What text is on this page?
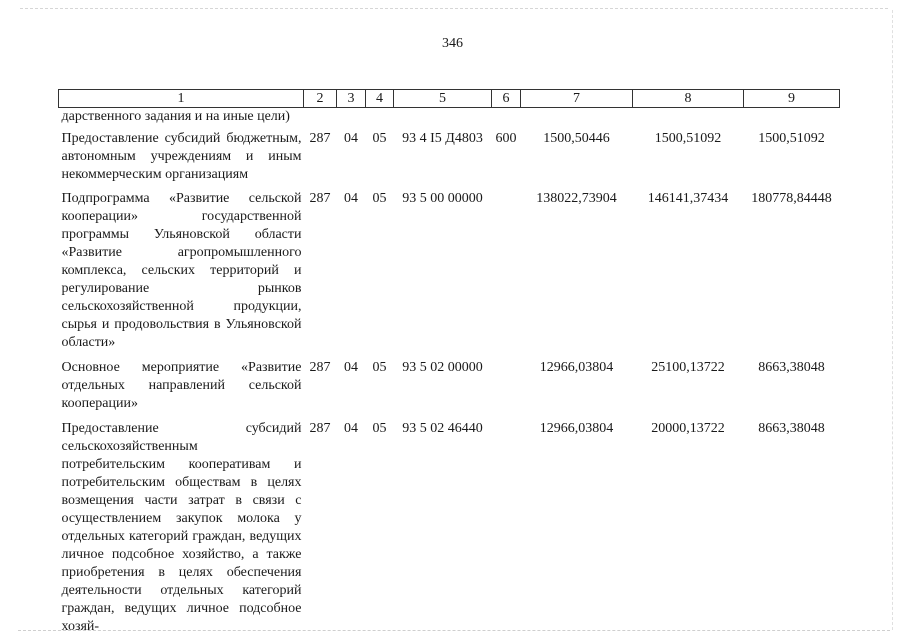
346
1	2	3	4	5	6	7	8	9
дарственного задания и на иные цели)								
Предоставление субсидий бюджетным, автономным учреждениям и иным некоммерческим организациям	287	04	05	93 4 I5 Д4803	600	1500,50446	1500,51092	1500,51092
Подпрограмма «Развитие сельской кооперации» государственной программы Ульяновской области «Развитие агропромышленного комплекса, сельских территорий и регулирование рынков сельскохозяйственной продукции, сырья и продовольствия в Ульяновской области»	287	04	05	93 5 00 00000		138022,73904	146141,37434	180778,84448
Основное мероприятие «Развитие отдельных направлений сельской кооперации»	287	04	05	93 5 02 00000		12966,03804	25100,13722	8663,38048
Предоставление субсидий сельскохозяйственным потребительским кооперативам и потребительским обществам в целях возмещения части затрат в связи с осуществлением закупок молока у отдельных категорий граждан, ведущих личное подсобное хозяйство, а также приобретения в целях обеспечения деятельности отдельных категорий граждан, ведущих личное подсобное хозяй-	287	04	05	93 5 02 46440		12966,03804	20000,13722	8663,38048
